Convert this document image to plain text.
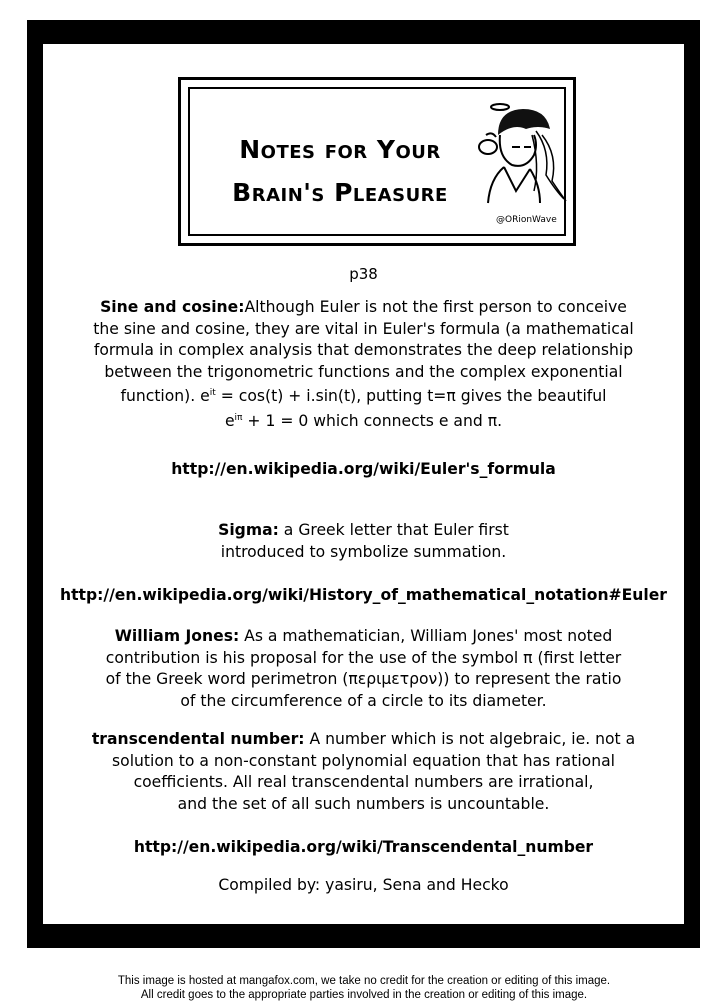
Notes for Your
Brain's Pleasure
@ORionWave
p38
Sine and cosine:Although Euler is not the first person to conceive
the sine and cosine, they are vital in Euler's formula (a mathematical
formula in complex analysis that demonstrates the deep relationship
between the trigonometric functions and the complex exponential
function). $e^{it} = \cos(t) + i.\sin(t)$, putting t=π gives the beautiful
$e^{i\pi} + 1 = 0$ which connects e and π.
http://en.wikipedia.org/wiki/Euler's_formula
Sigma: a Greek letter that Euler first
introduced to symbolize summation.
http://en.wikipedia.org/wiki/History_of_mathematical_notation#Euler
William Jones: As a mathematician, William Jones' most noted
contribution is his proposal for the use of the symbol π (first letter
of the Greek word perimetron (περιμετρον)) to represent the ratio
of the circumference of a circle to its diameter.
transcendental number: A number which is not algebraic, ie. not a
solution to a non-constant polynomial equation that has rational
coefficients. All real transcendental numbers are irrational,
and the set of all such numbers is uncountable.
http://en.wikipedia.org/wiki/Transcendental_number
Compiled by: yasiru, Sena and Hecko
This image is hosted at mangafox.com, we take no credit for the creation or editing of this image.
All credit goes to the appropriate parties involved in the creation or editing of this image.
